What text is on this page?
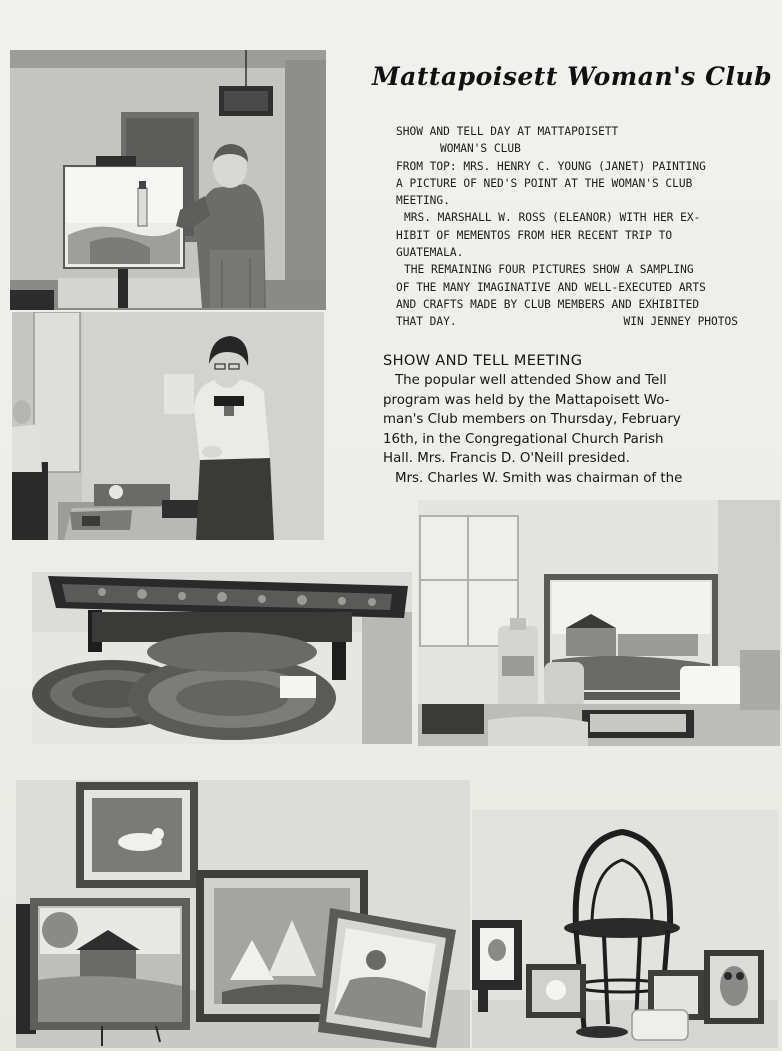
Mattapoisett Woman's Club
SHOW AND TELL DAY AT MATTAPOISETT
WOMAN'S CLUB
FROM TOP: MRS. HENRY C. YOUNG (JANET) PAINTING
A PICTURE OF NED'S POINT AT THE WOMAN'S CLUB
MEETING.
MRS. MARSHALL W. ROSS (ELEANOR) WITH HER EX-
HIBIT OF MEMENTOS FROM HER RECENT TRIP TO
GUATEMALA.
THE REMAINING FOUR PICTURES SHOW A SAMPLING
OF THE MANY IMAGINATIVE AND WELL-EXECUTED ARTS
AND CRAFTS MADE BY CLUB MEMBERS AND EXHIBITED
THAT DAY.	WIN JENNEY PHOTOS
SHOW AND TELL MEETING
The popular well attended Show and Tell
program was held by the Mattapoisett Wo-
man's Club members on Thursday, February
16th, in the Congregational Church Parish
Hall. Mrs. Francis D. O'Neill presided.
Mrs. Charles W. Smith was chairman of the
